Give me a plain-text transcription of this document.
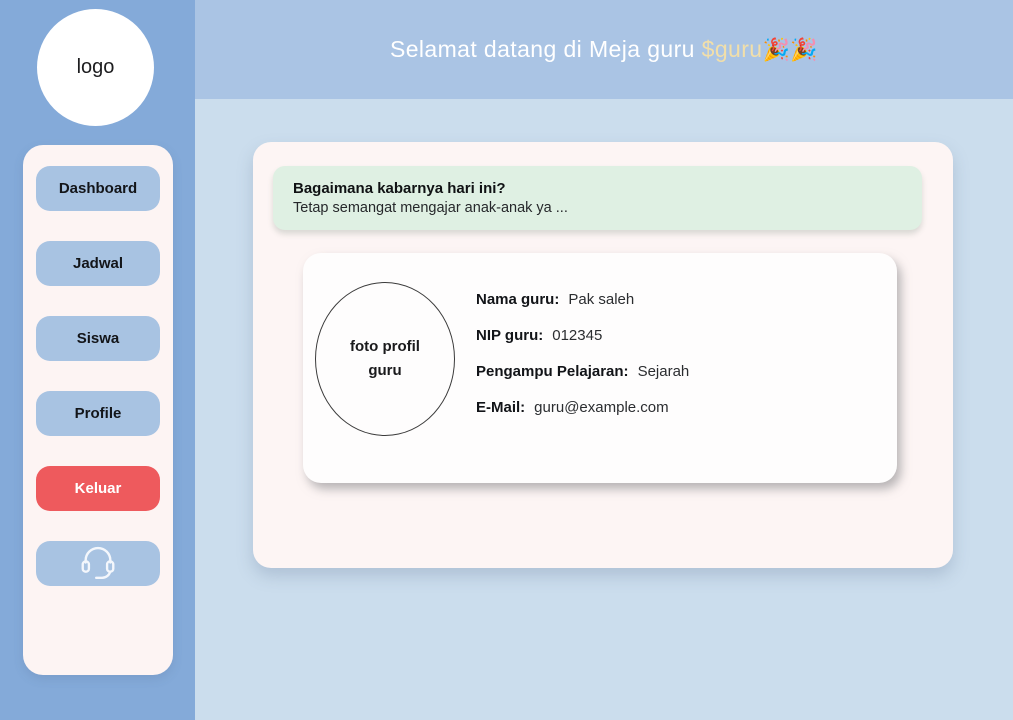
Selamat datang di Meja guru $guru🎉🎉
logo
Dashboard
Jadwal
Siswa
Profile
Keluar
Bagaimana kabarnya hari ini?
Tetap semangat mengajar anak-anak ya ...
foto profil guru
Nama guru: Pak saleh
NIP guru: 012345
Pengampu Pelajaran: Sejarah
E-Mail: guru@example.com
